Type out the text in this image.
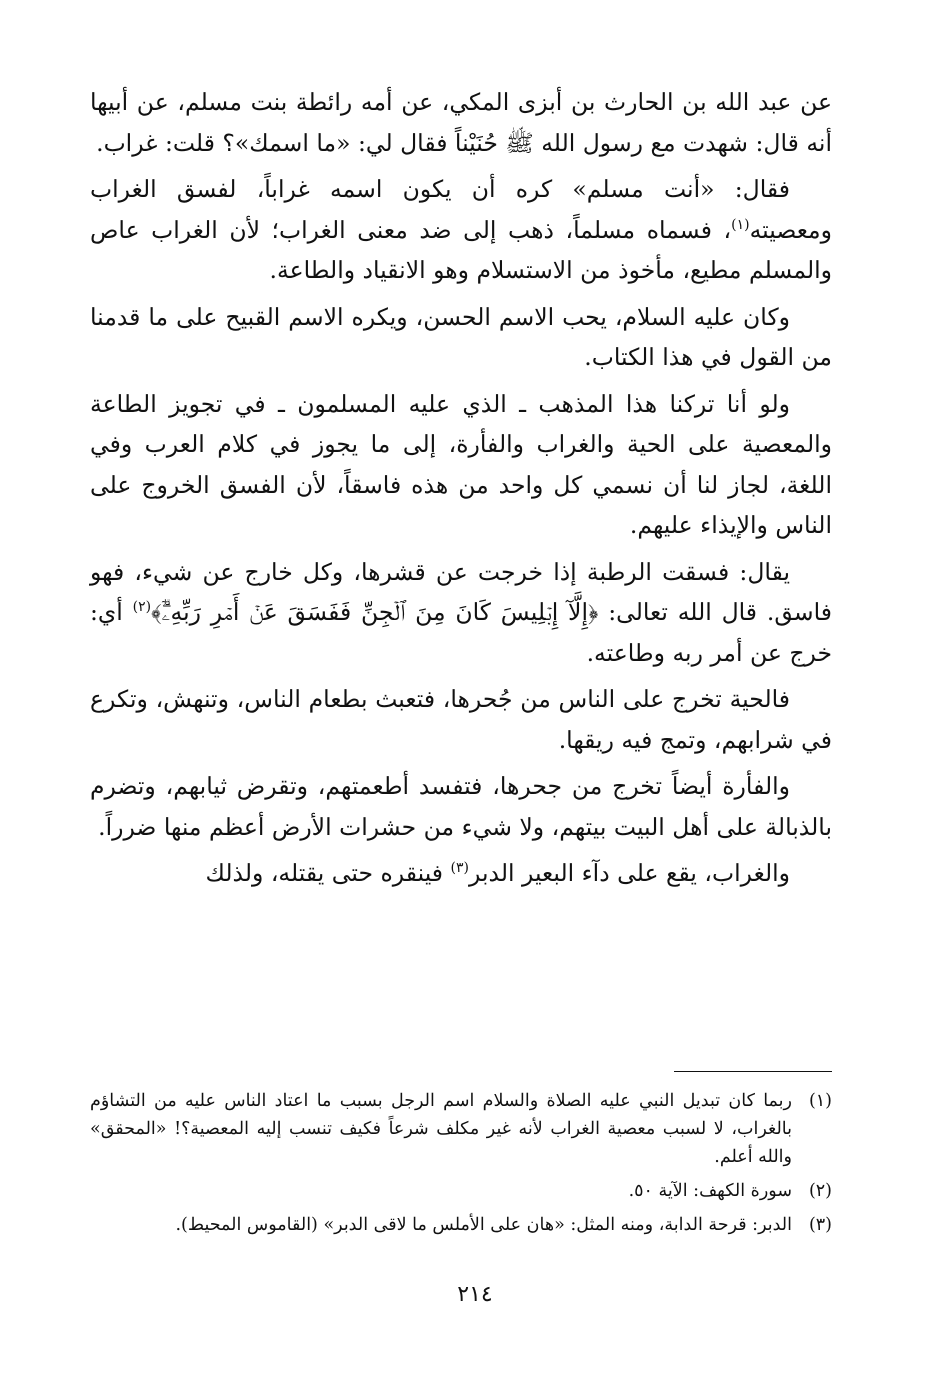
عن عبد الله بن الحارث بن أبزى المكي، عن أمه رائطة بنت مسلم، عن أبيها أنه قال: شهدت مع رسول الله ﷺ حُنَيْناً فقال لي: «ما اسمك»؟ قلت: غراب.

فقال: «أنت مسلم» كره أن يكون اسمه غراباً، لفسق الغراب ومعصيته$^{(١)}$، فسماه مسلماً، ذهب إلى ضد معنى الغراب؛ لأن الغراب عاص والمسلم مطيع، مأخوذ من الاستسلام وهو الانقياد والطاعة.

وكان عليه السلام، يحب الاسم الحسن، ويكره الاسم القبيح على ما قدمنا من القول في هذا الكتاب.

ولو أنا تركنا هذا المذهب ـ الذي عليه المسلمون ـ في تجويز الطاعة والمعصية على الحية والغراب والفأرة، إلى ما يجوز في كلام العرب وفي اللغة، لجاز لنا أن نسمي كل واحد من هذه فاسقاً، لأن الفسق الخروج على الناس والإيذاء عليهم.

يقال: فسقت الرطبة إذا خرجت عن قشرها، وكل خارج عن شيء، فهو فاسق. قال الله تعالى: ﴿إِلَّآ إِبۡلِيسَ كَانَ مِنَ ٱلۡجِنِّ فَفَسَقَ عَنۡ أَمۡرِ رَبِّهِۦٓۗ﴾$^{(٢)}$ أي: خرج عن أمر ربه وطاعته.

فالحية تخرج على الناس من جُحرها، فتعبث بطعام الناس، وتنهش، وتكرع في شرابهم، وتمج فيه ريقها.

والفأرة أيضاً تخرج من جحرها، فتفسد أطعمتهم، وتقرض ثيابهم، وتضرم بالذبالة على أهل البيت بيتهم، ولا شيء من حشرات الأرض أعظم منها ضرراً.

والغراب، يقع على دآء البعير الدبر$^{(٣)}$ فينقره حتى يقتله، ولذلك

(١)
ربما كان تبديل النبي عليه الصلاة والسلام اسم الرجل بسبب ما اعتاد الناس عليه من التشاؤم بالغراب، لا لسبب معصية الغراب لأنه غير مكلف شرعاً فكيف تنسب إليه المعصية؟! «المحقق» والله أعلم.
(٢)
سورة الكهف: الآية ٥٠.
(٣)
الدبر: قرحة الدابة، ومنه المثل: «هان على الأملس ما لاقى الدبر» (القاموس المحيط).
٢١٤
